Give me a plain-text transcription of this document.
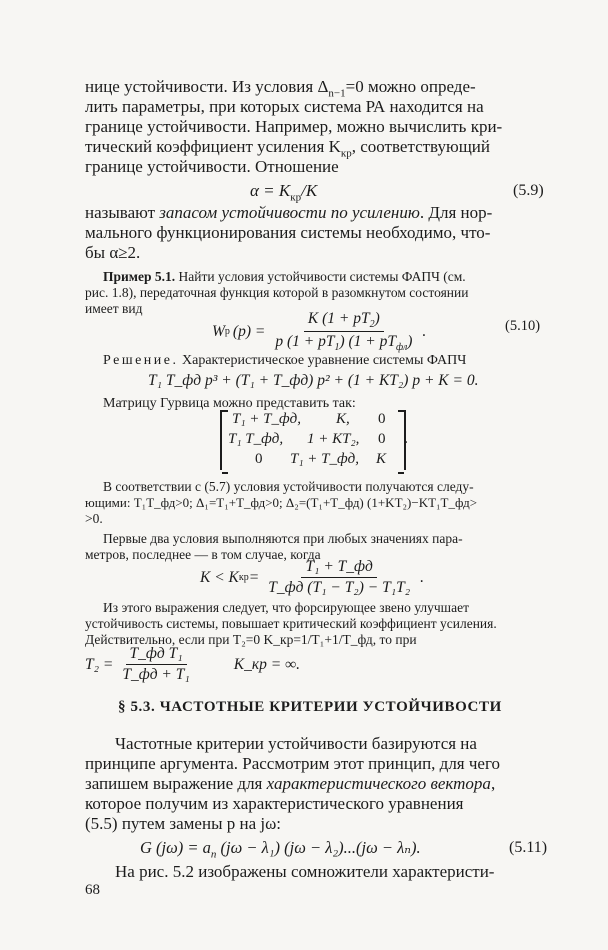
нице устойчивости. Из условия $\Delta_{n-1}=0$ можно опреде-
лить параметры, при которых система РА находится на
границе устойчивости. Например, можно вычислить кри-
тический коэффициент усиления $K_{кр}$, соответствующий
границе устойчивости. Отношение
$\alpha = K_{кр}/K$	(5.9)
называют запасом устойчивости по усилению. Для нор-
мального функционирования системы необходимо, что-
бы α≥2.
Пример 5.1. Найти условия устойчивости системы ФАПЧ (см.
рис. 1.8), передаточная функция которой в разомкнутом состоянии
имеет вид
W р $(p) = \frac{K (1 + pT_2)}{p (1 + pT_1) (1 + pT_{фл})}$ .	(5.10)
Решение. Характеристическое уравнение системы ФАПЧ
T₁ T_фд p³ + (T₁ + T_фд) p² + (1 + KT₂) p + K = 0.
Матрицу Гурвица можно представить так:
.
T₁ + T_фд, K, 0
T₁ T_фд, 1 + KT₂, 0
0 T₁ + T_фд, K
В соответствии с (5.7) условия устойчивости получаются следу-
ющими: T₁T_фд>0; Δ₁=T₁+T_фд>0; Δ₂=(T₁+T_фд) (1+KT₂)−KT₁T_фд>
>0.
Первые два условия выполняются при любых значениях пара-
метров, последнее — в том случае, когда
K < K кр = $\frac{\text{T₁ + T\_фд}}{\text{T\_фд (T₁ − T₂) − T₁T₂}}$ .
Из этого выражения следует, что форсирующее звено улучшает
устойчивость системы, повышает критический коэффициент усиления.
Действительно, если при T₂=0 K_кр=1/T₁+1/T_фд, то при
$T_2 = \frac{\text{T\_фд T₁}}{\text{T\_фд + T₁}}$	K_кр = ∞.
§ 5.3. ЧАСТОТНЫЕ КРИТЕРИИ УСТОЙЧИВОСТИ
Частотные критерии устойчивости базируются на
принципе аргумента. Рассмотрим этот принцип, для чего
запишем выражение для характеристического вектора,
которое получим из характеристического уравнения
(5.5) путем замены p на jω:
G $(j\omega) = a_n$ (jω − λ₁) (jω − λ₂)...(jω − λₙ).	(5.11)
На рис. 5.2 изображены сомножители характеристи-
68
